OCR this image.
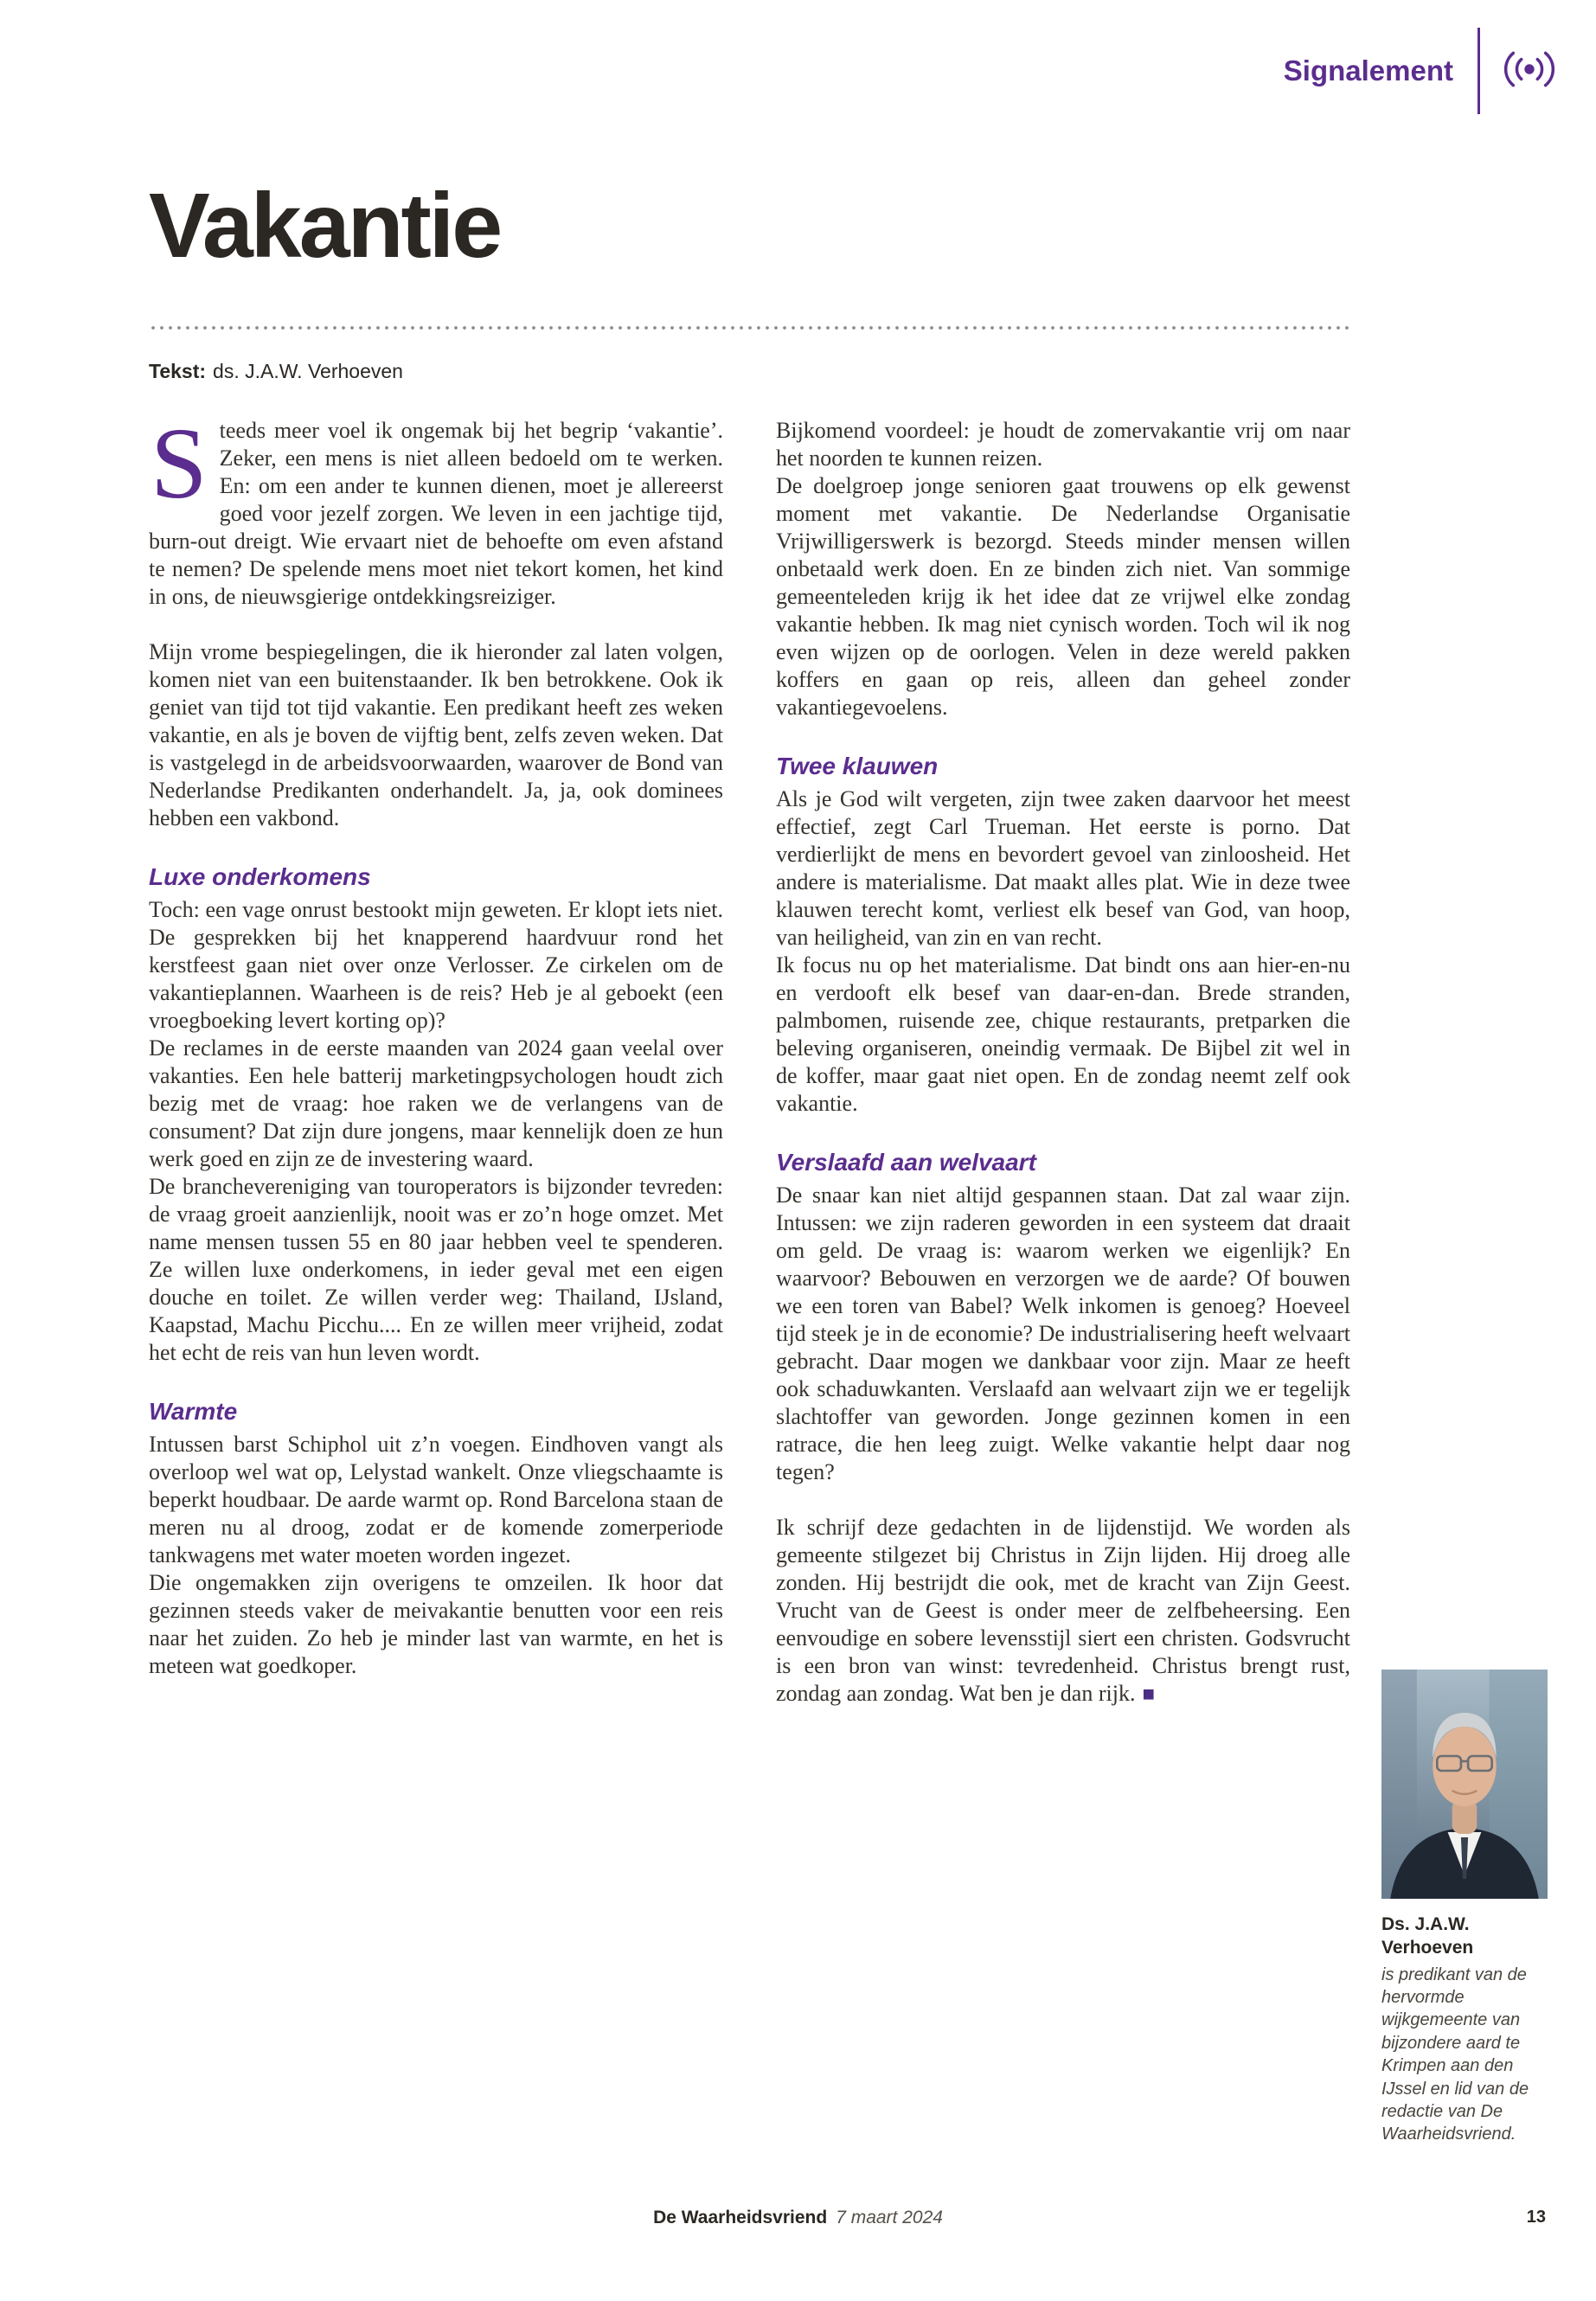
Signalement
Vakantie
Tekst: ds. J.A.W. Verhoeven

Steeds meer voel ik ongemak bij het begrip ‘vakantie’. Zeker, een mens is niet alleen bedoeld om te werken. En: om een ander te kunnen dienen, moet je allereerst goed voor jezelf zorgen. We leven in een jachtige tijd, burn-out dreigt. Wie ervaart niet de behoefte om even afstand te nemen? De spelende mens moet niet tekort komen, het kind in ons, de nieuwsgierige ontdekkingsreiziger.

Mijn vrome bespiegelingen, die ik hieronder zal laten volgen, komen niet van een buitenstaander. Ik ben betrokkene. Ook ik geniet van tijd tot tijd vakantie. Een predikant heeft zes weken vakantie, en als je boven de vijftig bent, zelfs zeven weken. Dat is vastgelegd in de arbeidsvoorwaarden, waarover de Bond van Nederlandse Predikanten onderhandelt. Ja, ja, ook dominees hebben een vakbond.

Luxe onderkomens

Toch: een vage onrust bestookt mijn geweten. Er klopt iets niet. De gesprekken bij het knapperend haardvuur rond het kerstfeest gaan niet over onze Verlosser. Ze cirkelen om de vakantieplannen. Waarheen is de reis? Heb je al geboekt (een vroegboeking levert korting op)?

De reclames in de eerste maanden van 2024 gaan veelal over vakanties. Een hele batterij marketingpsychologen houdt zich bezig met de vraag: hoe raken we de verlangens van de consument? Dat zijn dure jongens, maar kennelijk doen ze hun werk goed en zijn ze de investering waard.

De branchevereniging van touroperators is bijzonder tevreden: de vraag groeit aanzienlijk, nooit was er zo’n hoge omzet. Met name mensen tussen 55 en 80 jaar hebben veel te spenderen. Ze willen luxe onderkomens, in ieder geval met een eigen douche en toilet. Ze willen verder weg: Thailand, IJsland, Kaapstad, Machu Picchu.... En ze willen meer vrijheid, zodat het echt de reis van hun leven wordt.

Warmte

Intussen barst Schiphol uit z’n voegen. Eindhoven vangt als overloop wel wat op, Lelystad wankelt. Onze vliegschaamte is beperkt houdbaar. De aarde warmt op. Rond Barcelona staan de meren nu al droog, zodat er de komende zomerperiode tankwagens met water moeten worden ingezet.

Die ongemakken zijn overigens te omzeilen. Ik hoor dat gezinnen steeds vaker de meivakantie benutten voor een reis naar het zuiden. Zo heb je minder last van warmte, en het is meteen wat goedkoper.

Bijkomend voordeel: je houdt de zomervakantie vrij om naar het noorden te kunnen reizen.

De doelgroep jonge senioren gaat trouwens op elk gewenst moment met vakantie. De Nederlandse Organisatie Vrijwilligerswerk is bezorgd. Steeds minder mensen willen onbetaald werk doen. En ze binden zich niet. Van sommige gemeenteleden krijg ik het idee dat ze vrijwel elke zondag vakantie hebben. Ik mag niet cynisch worden. Toch wil ik nog even wijzen op de oorlogen. Velen in deze wereld pakken koffers en gaan op reis, alleen dan geheel zonder vakantiegevoelens.

Twee klauwen

Als je God wilt vergeten, zijn twee zaken daarvoor het meest effectief, zegt Carl Trueman. Het eerste is porno. Dat verdierlijkt de mens en bevordert gevoel van zinloosheid. Het andere is materialisme. Dat maakt alles plat. Wie in deze twee klauwen terecht komt, verliest elk besef van God, van hoop, van heiligheid, van zin en van recht.

Ik focus nu op het materialisme. Dat bindt ons aan hier-en-nu en verdooft elk besef van daar-en-dan. Brede stranden, palmbomen, ruisende zee, chique restaurants, pretparken die beleving organiseren, oneindig vermaak. De Bijbel zit wel in de koffer, maar gaat niet open. En de zondag neemt zelf ook vakantie.

Verslaafd aan welvaart

De snaar kan niet altijd gespannen staan. Dat zal waar zijn. Intussen: we zijn raderen geworden in een systeem dat draait om geld. De vraag is: waarom werken we eigenlijk? En waarvoor? Bebouwen en verzorgen we de aarde? Of bouwen we een toren van Babel? Welk inkomen is genoeg? Hoeveel tijd steek je in de economie? De industrialisering heeft welvaart gebracht. Daar mogen we dankbaar voor zijn. Maar ze heeft ook schaduwkanten. Verslaafd aan welvaart zijn we er tegelijk slachtoffer van geworden. Jonge gezinnen komen in een ratrace, die hen leeg zuigt. Welke vakantie helpt daar nog tegen?

Ik schrijf deze gedachten in de lijdenstijd. We worden als gemeente stilgezet bij Christus in Zijn lijden. Hij droeg alle zonden. Hij bestrijdt die ook, met de kracht van Zijn Geest. Vrucht van de Geest is onder meer de zelfbeheersing. Een eenvoudige en sobere levensstijl siert een christen. Godsvrucht is een bron van winst: tevredenheid. Christus brengt rust, zondag aan zondag. Wat ben je dan rijk. ■

Ds. J.A.W. Verhoeven
is predikant van de hervormde wijkgemeente van bijzondere aard te Krimpen aan den IJssel en lid van de redactie van De Waarheidsvriend.
De Waarheidsvriend 7 maart 2024	13
